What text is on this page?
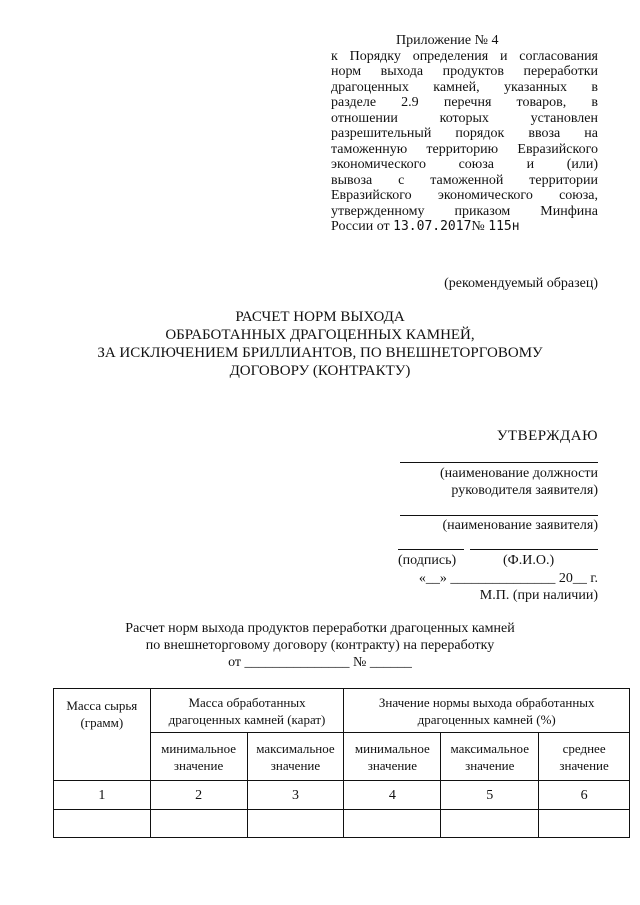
Приложение № 4
к Порядку определения и согласования
норм выхода продуктов переработки
драгоценных камней, указанных в
разделе 2.9 перечня товаров, в
отношении которых установлен
разрешительный порядок ввоза на
таможенную территорию Евразийского
экономического союза и (или)
вывоза с таможенной территории
Евразийского экономического союза,
утвержденному приказом Минфина
России от 13.07.2017№ 115н
(рекомендуемый образец)
РАСЧЕТ НОРМ ВЫХОДА
ОБРАБОТАННЫХ ДРАГОЦЕННЫХ КАМНЕЙ,
ЗА ИСКЛЮЧЕНИЕМ БРИЛЛИАНТОВ, ПО ВНЕШНЕТОРГОВОМУ
ДОГОВОРУ (КОНТРАКТУ)
УТВЕРЖДАЮ
(наименование должности
руководителя заявителя)
(наименование заявителя)
(подпись)	(Ф.И.О.)
«__» _______________ 20__ г.
М.П. (при наличии)
Расчет норм выхода продуктов переработки драгоценных камней
по внешнеторговому договору (контракту) на переработку
от _______________ № ______
Масса сырья (грамм)	Масса обработанных драгоценных камней (карат)		Значение нормы выхода обработанных драгоценных камней (%)		
	минимальное значение	максимальное значение	минимальное значение	максимальное значение	среднее значение
1	2	3	4	5	6
